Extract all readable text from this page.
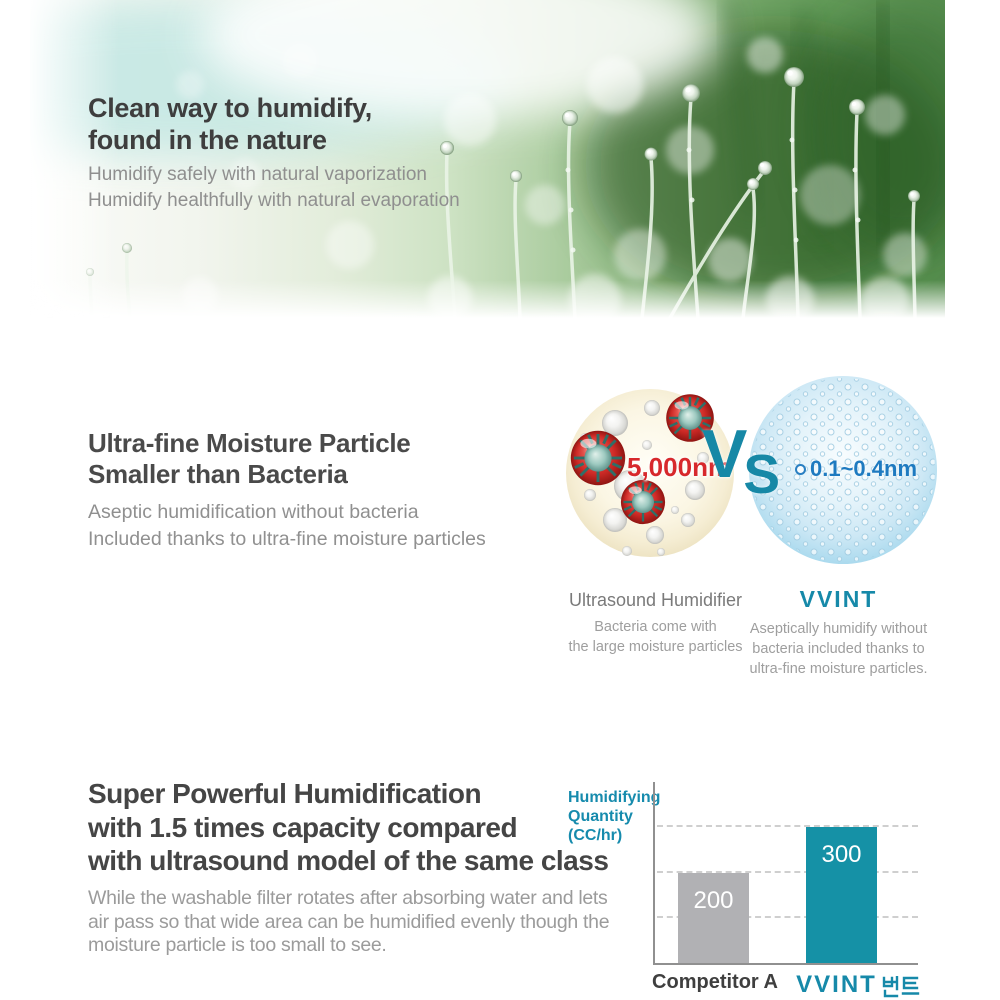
Clean way to humidify,
found in the nature
Humidify safely with natural vaporization
Humidify healthfully with natural evaporation
Ultra-fine Moisture Particle
Smaller than Bacteria
Aseptic humidification without bacteria
Included thanks to ultra-fine moisture particles
5,000nm
VS 0.1~0.4nm
Ultrasound Humidifier
Bacteria come with
the large moisture particles
VVINT
Aseptically humidify without
bacteria included thanks to
ultra-fine moisture particles.
Super Powerful Humidification
with 1.5 times capacity compared
with ultrasound model of the same class
While the washable filter rotates after absorbing water and lets
air pass so that wide area can be humidified evenly though the
moisture particle is too small to see.
Humidifying Quantity (CC/hr)
200
300
Competitor A VVINT
